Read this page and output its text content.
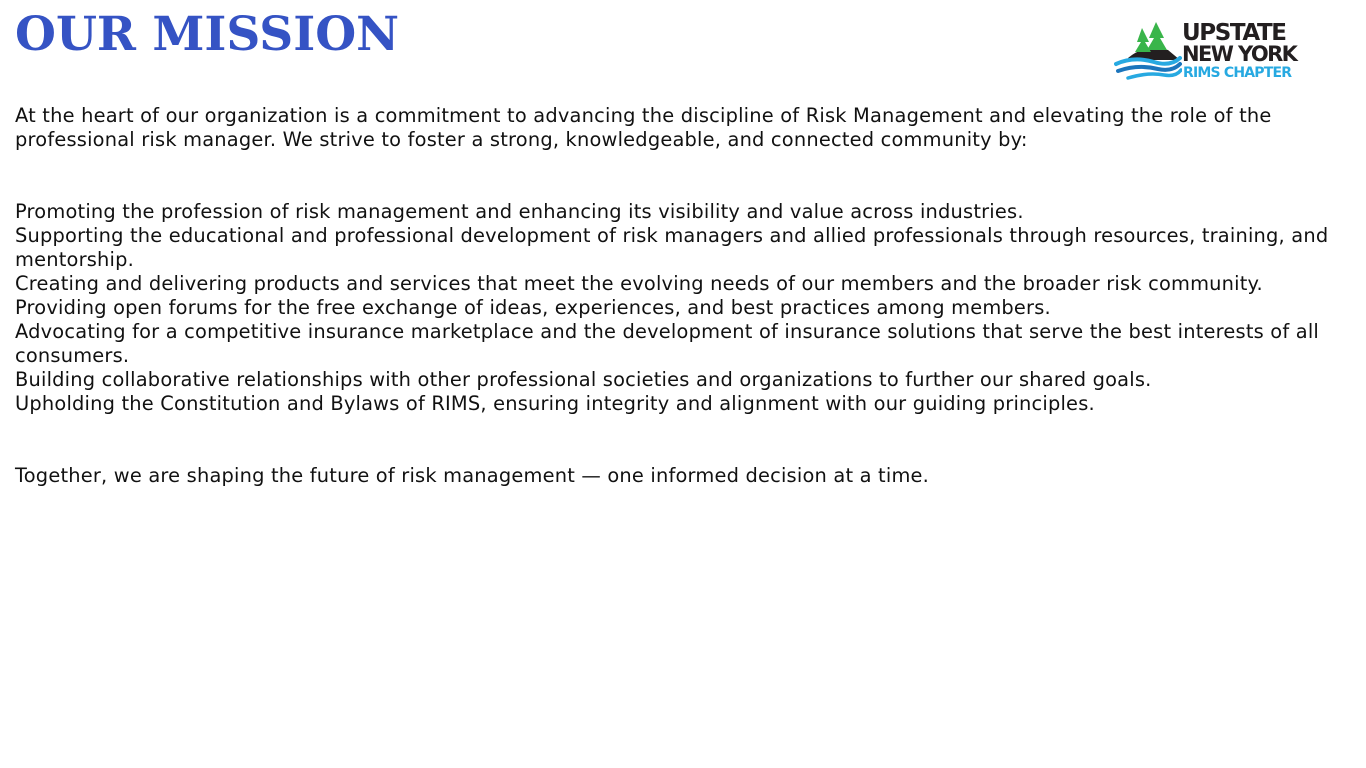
OUR MISSION	UPSTATE
NEW YORK
RIMS CHAPTER

At the heart of our organization is a commitment to advancing the discipline of Risk Management and elevating the role of the professional risk manager. We strive to foster a strong, knowledgeable, and connected community by:

Promoting the profession of risk management and enhancing its visibility and value across industries.
Supporting the educational and professional development of risk managers and allied professionals through resources, training, and mentorship.
Creating and delivering products and services that meet the evolving needs of our members and the broader risk community.
Providing open forums for the free exchange of ideas, experiences, and best practices among members.
Advocating for a competitive insurance marketplace and the development of insurance solutions that serve the best interests of all consumers.
Building collaborative relationships with other professional societies and organizations to further our shared goals.
Upholding the Constitution and Bylaws of RIMS, ensuring integrity and alignment with our guiding principles.

Together, we are shaping the future of risk management — one informed decision at a time.
